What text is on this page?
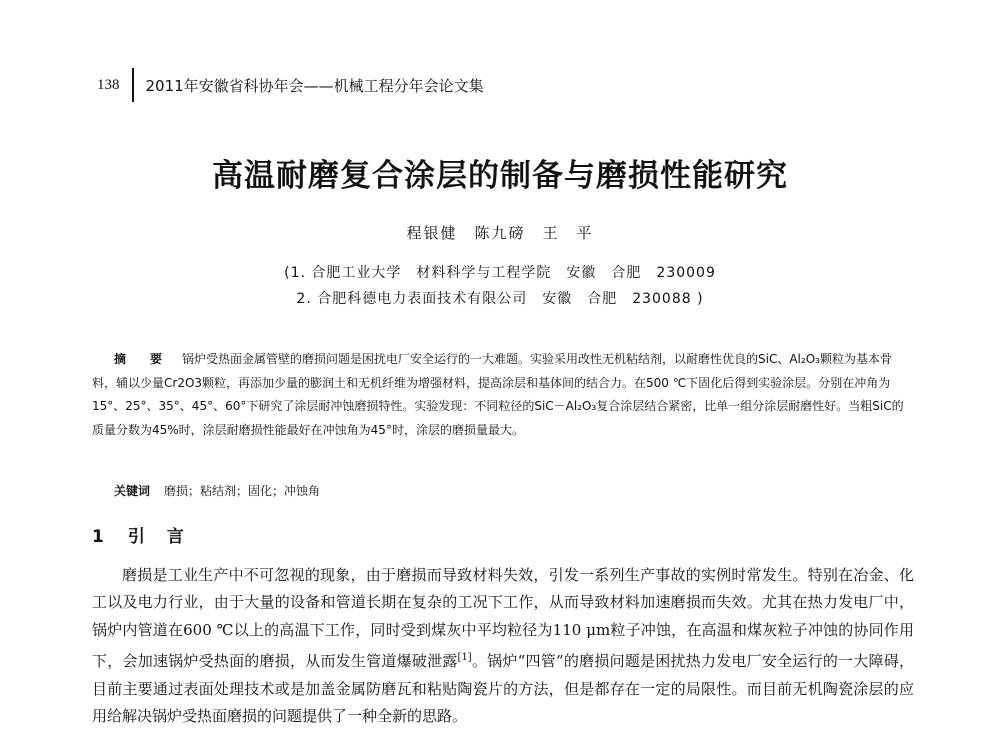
138 2011年安徽省科协年会——机械工程分年会论文集
高温耐磨复合涂层的制备与磨损性能研究
程银健　陈九磅　王　平
(1. 合肥工业大学　材料科学与工程学院　安徽　合肥　230009
2. 合肥科德电力表面技术有限公司　安徽　合肥　230088 )
摘　要 锅炉受热面金属管壁的磨损问题是困扰电厂安全运行的一大难题。实验采用改性无机粘结剂，以耐磨性优良的SiC、Al₂O₃颗粒为基本骨料，辅以少量Cr2O3颗粒，再添加少量的膨润土和无机纤维为增强材料，提高涂层和基体间的结合力。在500 ℃下固化后得到实验涂层。分别在冲角为15°、25°、35°、45°、60°下研究了涂层耐冲蚀磨损特性。实验发现：不同粒径的SiC－Al₂O₃复合涂层结合紧密，比单一组分涂层耐磨性好。当粗SiC的质量分数为45%时，涂层耐磨损性能最好在冲蚀角为45°时，涂层的磨损量最大。
关键词 磨损；粘结剂；固化；冲蚀角
1 引言
磨损是工业生产中不可忽视的现象，由于磨损而导致材料失效，引发一系列生产事故的实例时常发生。特别在冶金、化工以及电力行业，由于大量的设备和管道长期在复杂的工况下工作，从而导致材料加速磨损而失效。尤其在热力发电厂中，锅炉内管道在600 ℃以上的高温下工作，同时受到煤灰中平均粒径为110 μm粒子冲蚀，在高温和煤灰粒子冲蚀的协同作用下，会加速锅炉受热面的磨损，从而发生管道爆破泄露[1]。锅炉“四管”的磨损问题是困扰热力发电厂安全运行的一大障碍，目前主要通过表面处理技术或是加盖金属防磨瓦和粘贴陶瓷片的方法，但是都存在一定的局限性。而目前无机陶瓷涂层的应用给解决锅炉受热面磨损的问题提供了一种全新的思路。
